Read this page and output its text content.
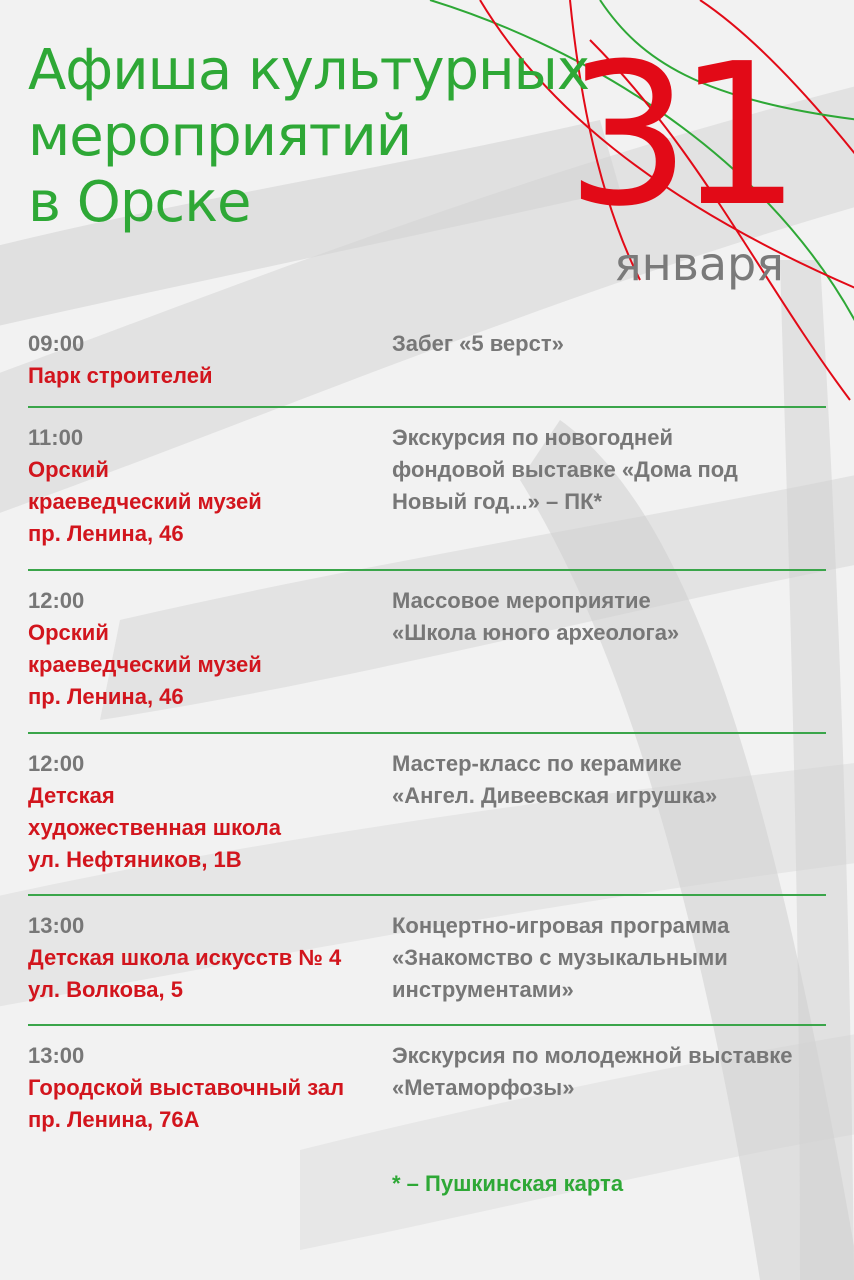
Афиша культурных
мероприятий
в Орске	31
января
09:00
Парк строителей
Забег «5 верст»
11:00
Орский
краеведческий музей
пр. Ленина, 46
Экскурсия по новогодней
фондовой выставке «Дома под
Новый год...» – ПК*
12:00
Орский
краеведческий музей
пр. Ленина, 46
Массовое мероприятие
«Школа юного археолога»
12:00
Детская
художественная школа
ул. Нефтяников, 1В
Мастер-класс по керамике
«Ангел. Дивеевская игрушка»
13:00
Детская школа искусств № 4
ул. Волкова, 5
Концертно-игровая программа
«Знакомство с музыкальными
инструментами»
13:00
Городской выставочный зал
пр. Ленина, 76А
Экскурсия по молодежной выставке
«Метаморфозы»
* – Пушкинская карта
